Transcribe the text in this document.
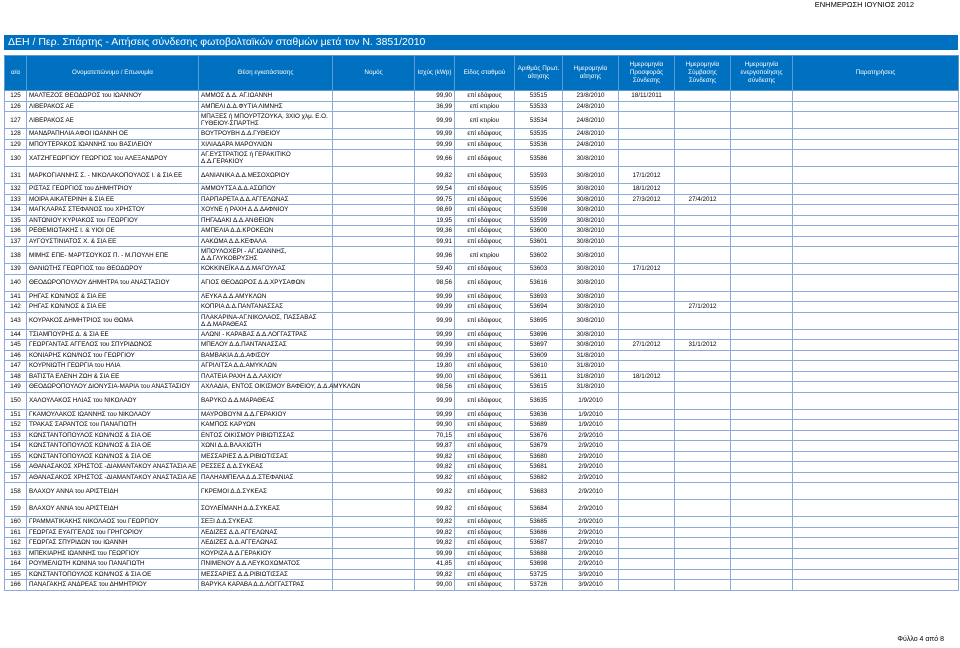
ΕΝΗΜΕΡΩΣΗ ΙΟΥΝΙΟΣ 2012
ΔΕΗ / Περ. Σπάρτης - Αιτήσεις σύνδεσης φωτοβολταϊκών σταθμών μετά τον Ν. 3851/2010
α/α	Ονοματεπώνυμο / Επωνυμία	Θέση εγκατάστασης	Νομός	Ισχύς (kWp)	Είδος σταθμού	Αριθμός Πρωτ. αίτησης	Ημερομηνία αίτησης	Ημερομηνία Προσφοράς Σύνδεσης	Ημερομηνία Σύμβασης Σύνδεσης	Ημερομηνία ενεργοποίησης σύνδεσης	Παρατηρήσεις
125	ΜΑΛΤΕΖΟΣ ΘΕΟΔΩΡΟΣ του ΙΩΑΝΝΟΥ	ΑΜΜΟΣ Δ.Δ. ΑΓ.ΙΩΑΝΝΗ		99,90	επί εδάφους	53515	23/8/2010	18/11/2011			
126	ΛΙΒΕΡΑΚΟΣ ΑΕ	ΑΜΠΕΛΙ Δ.Δ.ΦΥΤΙΑ ΛΙΜΝΗΣ		36,99	επί κτιρίου	53533	24/8/2010				
127	ΛΙΒΕΡΑΚΟΣ ΑΕ	ΜΠΑΞΕΣ ή ΜΠΟΥΡΤΖΟΥΚΑ, 3ΧΙΟ χλμ. Ε.Ο. ΓΥΘΕΙΟΥ-ΣΠΑΡΤΗΣ		99,99	επί κτιρίου	53534	24/8/2010				
128	ΜΑΝΔΡΑΠΗΛΙΑ ΑΦΟΙ ΙΩΑΝΝΗ ΟΕ	ΒΟΥΤΡΟΥΒΗ Δ.Δ.ΓΥΘΕΙΟΥ		99,99	επί εδάφους	53535	24/8/2010				
129	ΜΠΟΥΤΕΡΑΚΟΣ ΙΩΑΝΝΗΣ του ΒΑΣΙΛΕΙΟΥ	ΧΙΛΙΑΔΑΡΑ ΜΑΡΟΥΛΙΩΝ		99,99	επί εδάφους	53536	24/8/2010				
130	ΧΑΤΖΗΓΕΩΡΓΙΟΥ ΓΕΩΡΓΙΟΣ του ΑΛΕΞΑΝΔΡΟΥ	ΑΓ.ΕΥΣΤΡΑΤΙΟΣ ή ΓΕΡΑΚΙΤΙΚΟ Δ.Δ.ΓΕΡΑΚΙΟΥ		99,66	επί εδάφους	53586	30/8/2010				
131	ΜΑΡΚΟΓΙΑΝΝΗΣ Σ. - ΝΙΚΟΛΑΚΟΠΟΥΛΟΣ Ι. & ΣΙΑ ΕΕ	ΔΑΝΙΑΝΙΚΑ Δ.Δ.ΜΕΣΟΧΩΡΙΟΥ		99,82	επί εδάφους	53593	30/8/2010	17/1/2012			
132	ΡΙΣΤΑΣ ΓΕΩΡΓΙΟΣ του ΔΗΜΗΤΡΙΟΥ	ΑΜΜΟΥΤΣΑ Δ.Δ.ΑΣΩΠΟΥ		99,54	επί εδάφους	53595	30/8/2010	18/1/2012			
133	ΜΟΙΡΑ ΑΙΚΑΤΕΡΙΝΗ & ΣΙΑ ΕΕ	ΠΑΡΠΑΡΕΤΑ Δ.Δ.ΑΓΓΕΛΩΝΑΣ		99,75	επί εδάφους	53596	30/8/2010	27/3/2012	27/4/2012		
134	ΜΑΓΚΛΑΡΑΣ ΣΤΕΦΑΝΟΣ του ΧΡΗΣΤΟΥ	ΧΟΥΝΕ ή ΡΑΧΗ Δ.Δ.ΔΑΦΝΙΟΥ		98,69	επί εδάφους	53598	30/8/2010				
135	ΑΝΤΩΝΙΟΥ ΚΥΡΙΑΚΟΣ του ΓΕΩΡΓΙΟΥ	ΠΗΓΑΔΑΚΙ Δ.Δ.ΑΝΘΕΙΩΝ		19,95	επί εδάφους	53599	30/8/2010				
136	ΡΕΘΕΜΙΩΤΑΚΗΣ Ι. & ΥΙΟΙ ΟΕ	ΑΜΠΕΛΙΑ Δ.Δ.ΚΡΟΚΕΩΝ		99,36	επί εδάφους	53600	30/8/2010				
137	ΑΥΓΟΥΣΤΙΝΙΑΤΟΣ Χ. & ΣΙΑ ΕΕ	ΛΑΚΩΜΑ Δ.Δ.ΚΕΦΑΛΑ		99,91	επί εδάφους	53601	30/8/2010				
138	ΜΙΜΗΣ ΕΠΕ- ΜΑΡΤΣΟΥΚΟΣ Π. - Μ.ΠΟΥΛΗ ΕΠΕ	ΜΠΟΥΛΟΧΕΡΙ - ΑΓ.ΙΩΑΝΝΗΣ, Δ.Δ.ΓΛΥΚΟΒΡΥΣΗΣ		99,96	επί κτιρίου	53602	30/8/2010				
139	ΘΑΝΙΩΤΗΣ ΓΕΩΡΓΙΟΣ του ΘΕΟΔΩΡΟΥ	ΚΟΚΚΙΝΕΪΚΑ Δ.Δ.ΜΑΓΟΥΛΑΣ		59,40	επί εδάφους	53603	30/8/2010	17/1/2012			
140	ΘΕΟΔΩΡΟΠΟΥΛΟΥ ΔΗΜΗΤΡΑ του ΑΝΑΣΤΑΣΙΟΥ	ΑΓΙΟΣ ΘΕΟΔΩΡΟΣ Δ.Δ.ΧΡΥΣΑΦΩΝ		98,56	επί εδάφους	53616	30/8/2010				
141	ΡΗΓΑΣ ΚΩΝ/ΝΟΣ & ΣΙΑ ΕΕ	ΛΕΥΚΑ Δ.Δ.ΑΜΥΚΛΩΝ		99,99	επί εδάφους	53693	30/8/2010				
142	ΡΗΓΑΣ ΚΩΝ/ΝΟΣ & ΣΙΑ ΕΕ	ΚΟΠΡΙΑ Δ.Δ.ΠΑΝΤΑΝΑΣΣΑΣ		99,99	επί εδάφους	53694	30/8/2010		27/1/2012		
143	ΚΟΥΡΑΚΟΣ ΔΗΜΗΤΡΙΟΣ του ΘΩΜΑ	ΠΛΑΚΑΡΙΝΑ-ΑΓ.ΝΙΚΟΛΑΟΣ, ΠΑΣΣΑΒΑΣ Δ.Δ.ΜΑΡΑΘΕΑΣ		99,99	επί εδάφους	53695	30/8/2010				
144	ΤΣΙΑΜΠΟΥΡΗΣ Δ. & ΣΙΑ ΕΕ	ΑΛΩΝΙ - ΚΑΡΑΒΑΣ Δ.Δ.ΛΟΓΓΑΣΤΡΑΣ		99,99	επί εδάφους	53696	30/8/2010				
145	ΓΕΩΡΓΑΝΤΑΣ ΑΓΓΕΛΟΣ του ΣΠΥΡΙΔΩΝΟΣ	ΜΠΕΛΟΥ Δ.Δ.ΠΑΝΤΑΝΑΣΣΑΣ		99,99	επί εδάφους	53697	30/8/2010	27/1/2012	31/1/2012		
146	ΚΟΝΙΑΡΗΣ ΚΩΝ/ΝΟΣ του ΓΕΩΡΓΙΟΥ	ΒΑΜΒΑΚΙΑ Δ.Δ.ΑΦΙΣΟΥ		99,99	επί εδάφους	53609	31/8/2010				
147	ΚΟΥΡΝΙΩΤΗ ΓΕΩΡΓΙΑ του ΗΛΙΑ	ΑΓΡΙΛΙΤΣΑ Δ.Δ.ΑΜΥΚΛΩΝ		19,80	επί εδάφους	53610	31/8/2010				
148	ΒΑΤΙΣΤΑ ΕΛΕΝΗ ΖΩΗ & ΣΙΑ ΕΕ	ΠΛΑΤΕΙΑ ΡΑΧΗ Δ.Δ.ΛΑΧΙΟΥ		99,00	επί εδάφους	53611	31/8/2010	18/1/2012			
149	ΘΕΟΔΩΡΟΠΟΥΛΟΥ ΔΙΟΝΥΣΙΑ-ΜΑΡΙΑ του ΑΝΑΣΤΑΣΙΟΥ	ΑΧΛΑΔΙΑ, ΕΝΤΟΣ ΟΙΚΙΣΜΟΥ ΒΑΦΕΙΟΥ, Δ.Δ.ΑΜΥΚΛΩΝ		98,56	επί εδάφους	53615	31/8/2010				
150	ΧΑΛΟΥΛΑΚΟΣ ΗΛΙΑΣ του ΝΙΚΟΛΑΟΥ	ΒΑΡΥΚΟ Δ.Δ.ΜΑΡΑΘΕΑΣ		99,99	επί εδάφους	53635	1/9/2010				
151	ΓΚΑΜΟΥΛΑΚΟΣ ΙΩΑΝΝΗΣ του ΝΙΚΟΛΑΟΥ	ΜΑΥΡΟΒΟΥΝΙ Δ.Δ.ΓΕΡΑΚΙΟΥ		99,99	επί εδάφους	53636	1/9/2010				
152	ΤΡΑΚΑΣ ΣΑΡΑΝΤΟΣ του ΠΑΝΑΓΙΩΤΗ	ΚΑΜΠΟΣ ΚΑΡΥΩΝ		99,90	επί εδάφους	53689	1/9/2010				
153	ΚΩΝΣΤΑΝΤΟΠΟΥΛΟΣ ΚΩΝ/ΝΟΣ & ΣΙΑ ΟΕ	ΕΝΤΟΣ ΟΙΚΙΣΜΟΥ ΡΙΒΙΩΤΙΣΣΑΣ		70,15	επί εδάφους	53676	2/9/2010				
154	ΚΩΝΣΤΑΝΤΟΠΟΥΛΟΣ ΚΩΝ/ΝΟΣ & ΣΙΑ ΟΕ	ΧΩΝΙ Δ.Δ.ΒΛΑΧΙΩΤΗ		99,87	επί εδάφους	53679	2/9/2010				
155	ΚΩΝΣΤΑΝΤΟΠΟΥΛΟΣ ΚΩΝ/ΝΟΣ & ΣΙΑ ΟΕ	ΜΕΣΣΑΡΙΕΣ Δ.Δ.ΡΙΒΙΩΤΙΣΣΑΣ		99,82	επί εδάφους	53680	2/9/2010				
156	ΑΘΑΝΑΣΑΚΟΣ ΧΡΗΣΤΟΣ -ΔΙΑΜΑΝΤΑΚΟΥ ΑΝΑΣΤΑΣΙΑ ΑΕ	ΡΕΣΣΕΣ Δ.Δ.ΣΥΚΕΑΣ		99,82	επί εδάφους	53681	2/9/2010				
157	ΑΘΑΝΑΣΑΚΟΣ ΧΡΗΣΤΟΣ -ΔΙΑΜΑΝΤΑΚΟΥ ΑΝΑΣΤΑΣΙΑ ΑΕ	ΠΑΛΗΑΜΠΕΛΑ Δ.Δ.ΣΤΕΦΑΝΙΑΣ		99,82	επί εδάφους	53682	2/9/2010				
158	ΒΛΑΧΟΥ ΑΝΝΑ του ΑΡΙΣΤΕΙΔΗ	ΓΚΡΕΜΟΙ Δ.Δ.ΣΥΚΕΑΣ		99,82	επί εδάφους	53683	2/9/2010				
159	ΒΛΑΧΟΥ ΑΝΝΑ του ΑΡΙΣΤΕΙΔΗ	ΣΟΥΛΕΪΜΑΝΗ Δ.Δ.ΣΥΚΕΑΣ		99,82	επί εδάφους	53684	2/9/2010				
160	ΓΡΑΜΜΑΤΙΚΑΚΗΣ ΝΙΚΟΛΑΟΣ του ΓΕΩΡΓΙΟΥ	ΣΕΞΙ Δ.Δ.ΣΥΚΕΑΣ		99,82	επί εδάφους	53685	2/9/2010				
161	ΓΕΩΡΓΑΣ ΕΥΑΓΓΕΛΟΣ του ΓΡΗΓΟΡΙΟΥ	ΛΕΔΙΖΕΣ Δ.Δ.ΑΓΓΕΛΩΝΑΣ		99,82	επί εδάφους	53686	2/9/2010				
162	ΓΕΩΡΓΑΣ ΣΠΥΡΙΔΩΝ του ΙΩΑΝΝΗ	ΛΕΔΙΖΕΣ Δ.Δ.ΑΓΓΕΛΩΝΑΣ		99,82	επί εδάφους	53687	2/9/2010				
163	ΜΠΕΚΙΑΡΗΣ ΙΩΑΝΝΗΣ του ΓΕΩΡΓΙΟΥ	ΚΟΥΡΙΖΑ Δ.Δ.ΓΕΡΑΚΙΟΥ		99,99	επί εδάφους	53688	2/9/2010				
164	ΡΟΥΜΕΛΙΩΤΗ ΚΩΝΙΝΑ του ΠΑΝΑΓΙΩΤΗ	ΠΝΙΜΕΝΟΥ Δ.Δ.ΛΕΥΚΟΧΩΜΑΤΟΣ		41,85	επί εδάφους	53698	2/9/2010				
165	ΚΩΝΣΤΑΝΤΟΠΟΥΛΟΣ ΚΩΝ/ΝΟΣ & ΣΙΑ ΟΕ	ΜΕΣΣΑΡΙΕΣ Δ.Δ.ΡΙΒΙΩΤΙΣΣΑΣ		99,82	επί εδάφους	53725	3/9/2010				
166	ΠΑΝΑΓΑΚΗΣ ΑΝΔΡΕΑΣ του ΔΗΜΗΤΡΙΟΥ	ΒΑΡΥΚΑ ΚΑΡΑΒΑ Δ.Δ.ΛΟΓΓΑΣΤΡΑΣ		99,00	επί εδάφους	53726	3/9/2010				
Φύλλο 4 από 8
